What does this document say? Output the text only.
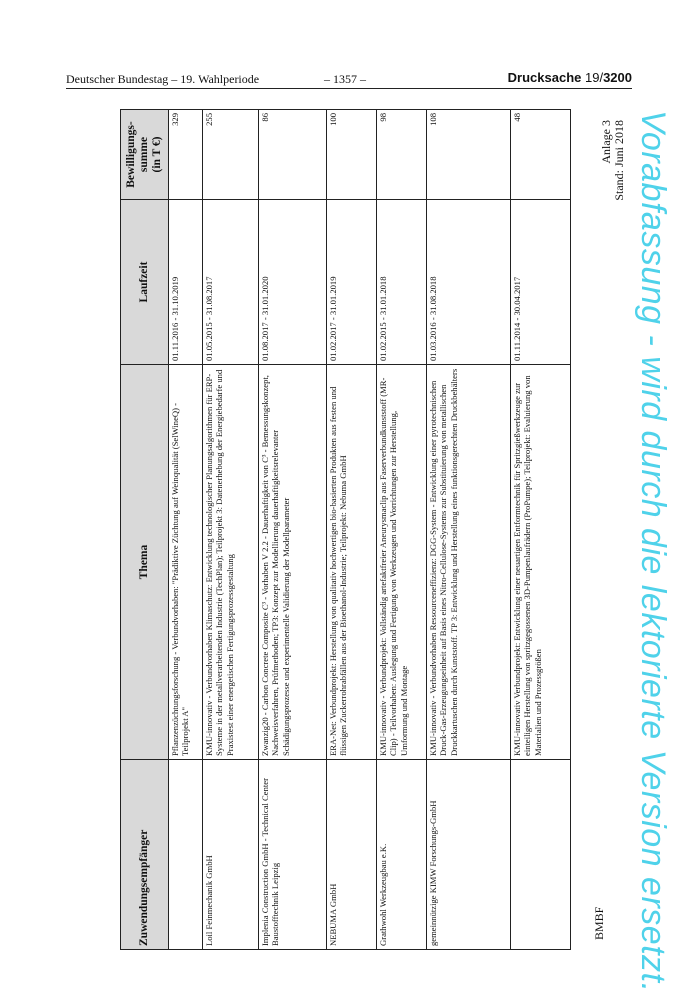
Deutscher Bundestag – 19. Wahlperiode	– 1357 –	Drucksache 19/3200
Vorabfassung - wird durch die lektorierte Version ersetzt.
Zuwendungsempfänger	Thema	Laufzeit	Bewilligungs-
summe
(in T €)
	Pflanzenzüchtungsforschung - Verbundvorhaben: "Prädiktive Züchtung auf Weinqualität (SelWineQ) - Teilprojekt A"	01.11.2016 - 31.10.2019	329
Loil Feinmechanik GmbH	KMU-innovativ - Verbundvorhaben Klimaschutz: Entwicklung technologischer Planungsalgorithmen für ERP-Systeme in der metallverarbeitenden Industrie (TechPlan); Teilprojekt 3: Datenerhebung der Energiebedarfe und Praxistest einer energetischen Fertigungsprozessgestaltung	01.05.2015 - 31.08.2017	255
Implenia Construction GmbH - Technical Center Baustofftechnik Leipzig	Zwanzig20 - Carbon Concrete Composite C³ - Vorhaben V 2.2 - Dauerhaftigkeit von C³ - Bemessungskonzept, Nachweisverfahren, Prüfmethoden; TP3: Konzept zur Modellierung dauerhaftigkeitsrelevanter Schädigungsprozesse und experimentelle Validierung der Modellparameter	01.08.2017 - 31.01.2020	86
NEBUMA GmbH	ERA-Net: Verbundprojekt: Herstellung von qualitativ hochwertigen bio-basierten Produkten aus festen und flüssigen Zuckerrohrabfällen aus der Bioethanol-Industrie; Teilprojekt: Nebuma GmbH	01.02.2017 - 31.01.2019	100
Grathwohl Werkzeugbau e.K.	KMU-innovativ - Verbundprojekt: Vollständig artefaktfreier Aneurysmaclip aus Faserverbundkunststoff (MR-Clip) - Teilvorhaben: Auslegung und Fertigung von Werkzeugen und Vorrichtungen zur Herstellung, Umformung und Montage	01.02.2015 - 31.01.2018	98
gemeinnützige KIMW Forschungs-GmbH	KMU-innovativ - Verbundvorhaben Ressourceneffizienz: DGG-System - Entwicklung einer pyrotechnischen Druck-Gas-Erzeugungseinheit auf Basis eines Nitro-Cellulose-Systems zur Substituierung von metallischen Druckkartuschen durch Kunststoff. TP 3: Entwicklung und Herstellung eines funktionsgerechten Druckbehälters	01.03.2016 - 31.08.2018	108
	KMU-innovativ Verbundprojekt: Entwicklung einer neuartigen Entformtechnik für Spritzgießwerkzeuge zur einteiligen Herstellung von spritzgegossenen 3D-Pumpenlaufrädern (ProPumpe); Teilprojekt: Evaluierung von Materialien und Prozessgrößen	01.11.2014 - 30.04.2017	48
BMBF
Anlage 3 Stand: Juni 2018
